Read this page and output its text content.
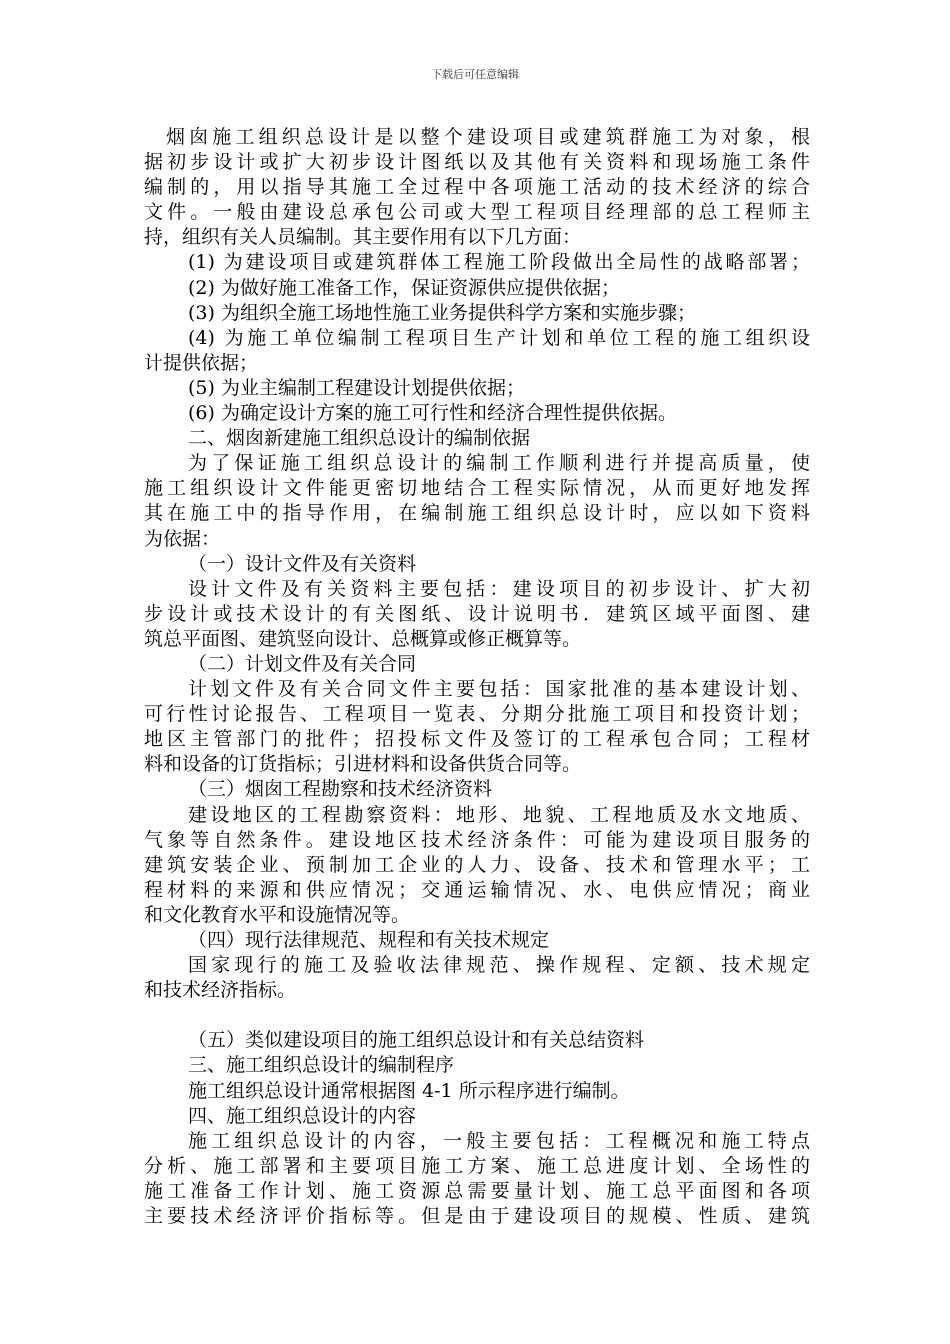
下载后可任意编辑
烟囱施工组织总设计是以整个建设项目或建筑群施工为对象，根
据初步设计或扩大初步设计图纸以及其他有关资料和现场施工条件
编制的，用以指导其施工全过程中各项施工活动的技术经济的综合
文件。一般由建设总承包公司或大型工程项目经理部的总工程师主
持，组织有关人员编制。其主要作用有以下几方面：
(1) 为建设项目或建筑群体工程施工阶段做出全局性的战略部署；
(2) 为做好施工准备工作，保证资源供应提供依据；
(3) 为组织全施工场地性施工业务提供科学方案和实施步骤；
(4) 为施工单位编制工程项目生产计划和单位工程的施工组织设
计提供依据；
(5) 为业主编制工程建设计划提供依据；
(6) 为确定设计方案的施工可行性和经济合理性提供依据。
二、烟囱新建施工组织总设计的编制依据
为了保证施工组织总设计的编制工作顺利进行并提高质量，使
施工组织设计文件能更密切地结合工程实际情况，从而更好地发挥
其在施工中的指导作用，在编制施工组织总设计时，应以如下资料
为依据：
（一）设计文件及有关资料
设计文件及有关资料主要包括：建设项目的初步设计、扩大初
步设计或技术设计的有关图纸、设计说明书．建筑区域平面图、建
筑总平面图、建筑竖向设计、总概算或修正概算等。
（二）计划文件及有关合同
计划文件及有关合同文件主要包括：国家批准的基本建设计划、
可行性讨论报告、工程项目一览表、分期分批施工项目和投资计划；
地区主管部门的批件；招投标文件及签订的工程承包合同；工程材
料和设备的订货指标；引进材料和设备供货合同等。
（三）烟囱工程勘察和技术经济资料
建设地区的工程勘察资料：地形、地貌、工程地质及水文地质、
气象等自然条件。建设地区技术经济条件：可能为建设项目服务的
建筑安装企业、预制加工企业的人力、设备、技术和管理水平；工
程材料的来源和供应情况；交通运输情况、水、电供应情况；商业
和文化教育水平和设施情况等。
（四）现行法律规范、规程和有关技术规定
国家现行的施工及验收法律规范、操作规程、定额、技术规定
和技术经济指标。
（五）类似建设项目的施工组织总设计和有关总结资料
三、施工组织总设计的编制程序
施工组织总设计通常根据图 4-1 所示程序进行编制。
四、施工组织总设计的内容
施工组织总设计的内容，一般主要包括：工程概况和施工特点
分析、施工部署和主要项目施工方案、施工总进度计划、全场性的
施工准备工作计划、施工资源总需要量计划、施工总平面图和各项
主要技术经济评价指标等。但是由于建设项目的规模、性质、建筑
